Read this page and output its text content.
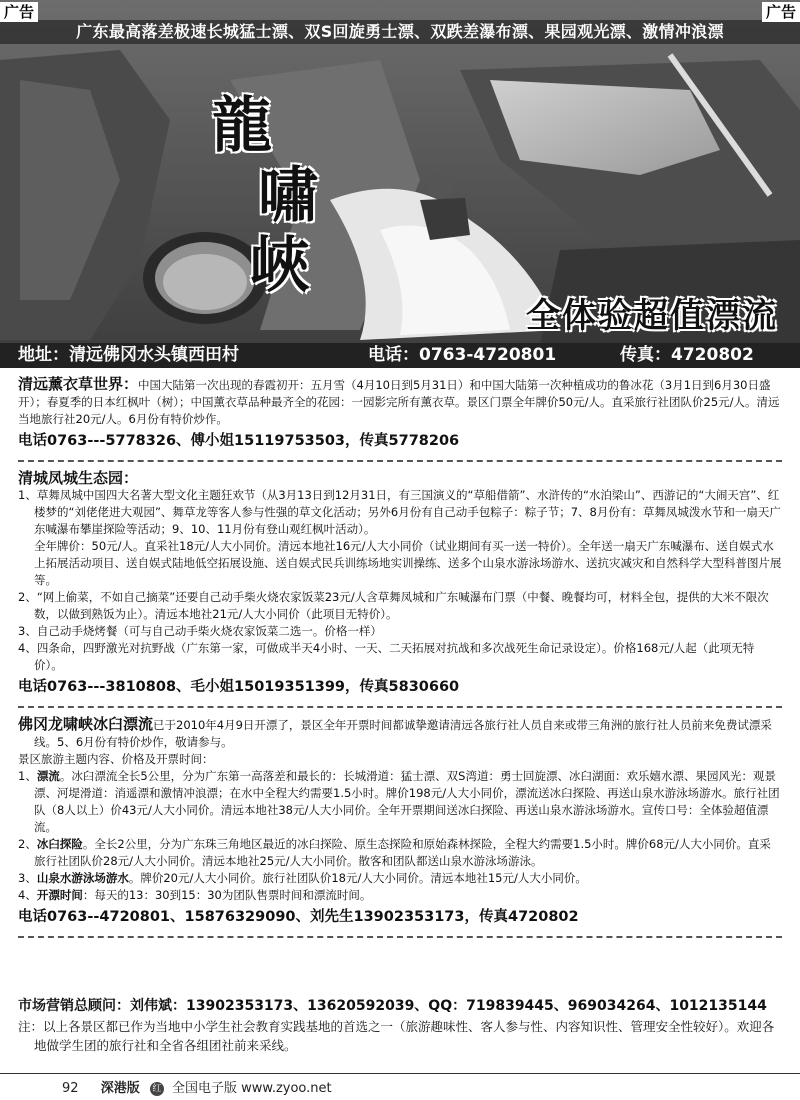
广东最高落差极速长城猛士漂、双S回旋勇士漂、双跌差瀑布漂、果园观光漂、激情冲浪漂
广告	广告
龍
嘯
峽
全体验超值漂流
地址：清远佛冈水头镇西田村	电话：0763-4720801	传真：4720802
清远薰衣草世界：中国大陆第一次出现的春霞初开：五月雪（4月10日到5月31日）和中国大陆第一次种植成功的鲁冰花（3月1日到6月30日盛开）；春夏季的日本红枫叶（树）；中国薰衣草品种最齐全的花园：一园影完所有薰衣草。景区门票全年牌价50元/人。直采旅行社团队价25元/人。清远当地旅行社20元/人。6月份有特价炒作。
电话0763---5778326、傅小姐15119753503，传真5778206
清城凤城生态园：
1、草舞凤城中国四大名著大型文化主题狂欢节（从3月13日到12月31日，有三国演义的“草船借箭”、水浒传的“水泊梁山”、西游记的“大闹天宫”、红楼梦的“刘佬佬进大观园”、舞草龙等客人参与性强的草文化活动；另外6月份有自己动手包粽子：粽子节；7、8月份有：草舞凤城泼水节和一扇天广东喊瀑布攀崖探险等活动；9、10、11月份有登山观红枫叶活动）。
全年牌价：50元/人。直采社18元/人大小同价。清远本地社16元/人大小同价（试业期间有买一送一特价）。全年送一扇天广东喊瀑布、送自娱式水上拓展活动项目、送自娱式陆地低空拓展设施、送自娱式民兵训练场地实训操练、送多个山泉水游泳场游水、送抗灾减灾和自然科学大型科普图片展等。
2、“网上偷菜，不如自己摘菜”还要自己动手柴火烧农家饭菜23元/人含草舞凤城和广东喊瀑布门票（中餐、晚餐均可，材料全包，提供的大米不限次数，以做到熟饭为止）。清远本地社21元/人大小同价（此项目无特价）。
3、自己动手烧烤餐（可与自己动手柴火烧农家饭菜二选一。价格一样）
4、四条命，四野激光对抗野战（广东第一家，可做成半天4小时、一天、二天拓展对抗战和多次战死生命记录设定）。价格168元/人起（此项无特价）。
电话0763---3810808、毛小姐15019351399，传真5830660
佛冈龙啸峡冰臼漂流已于2010年4月9日开漂了，景区全年开票时间都诚挚邀请清远各旅行社人员自来或带三角洲的旅行社人员前来免费试漂采线。5、6月份有特价炒作，敬请参与。
景区旅游主题内容、价格及开票时间：
1、漂流。冰臼漂流全长5公里，分为广东第一高落差和最长的：长城滑道：猛士漂、双S湾道：勇士回旋漂、冰臼湖面：欢乐嬉水漂、果园风光：观景漂、河堤滑道：消遥漂和激情冲浪漂；在水中全程大约需要1.5小时。牌价198元/人大小同价，漂流送冰臼探险、再送山泉水游泳场游水。旅行社团队（8人以上）价43元/人大小同价。清远本地社38元/人大小同价。全年开票期间送冰臼探险、再送山泉水游泳场游水。宣传口号：全体验超值漂流。
2、冰臼探险。全长2公里，分为广东珠三角地区最近的冰臼探险、原生态探险和原始森林探险，全程大约需要1.5小时。牌价68元/人大小同价。直采旅行社团队价28元/人大小同价。清远本地社25元/人大小同价。散客和团队都送山泉水游泳场游泳。
3、山泉水游泳场游水。牌价20元/人大小同价。旅行社团队价18元/人大小同价。清远本地社15元/人大小同价。
4、开漂时间：每天的13：30到15：30为团队售票时间和漂流时间。
电话0763--4720801、15876329090、刘先生13902353173，传真4720802
市场营销总顾问：刘伟斌：13902353173、13620592039、QQ：719839445、969034264、1012135144
注：以上各景区都已作为当地中小学生社会教育实践基地的首选之一（旅游趣味性、客人参与性、内容知识性、管理安全性较好）。欢迎各地做学生团的旅行社和全省各组团社前来采线。
92 深港版 红 全国电子版 www.zyoo.net
